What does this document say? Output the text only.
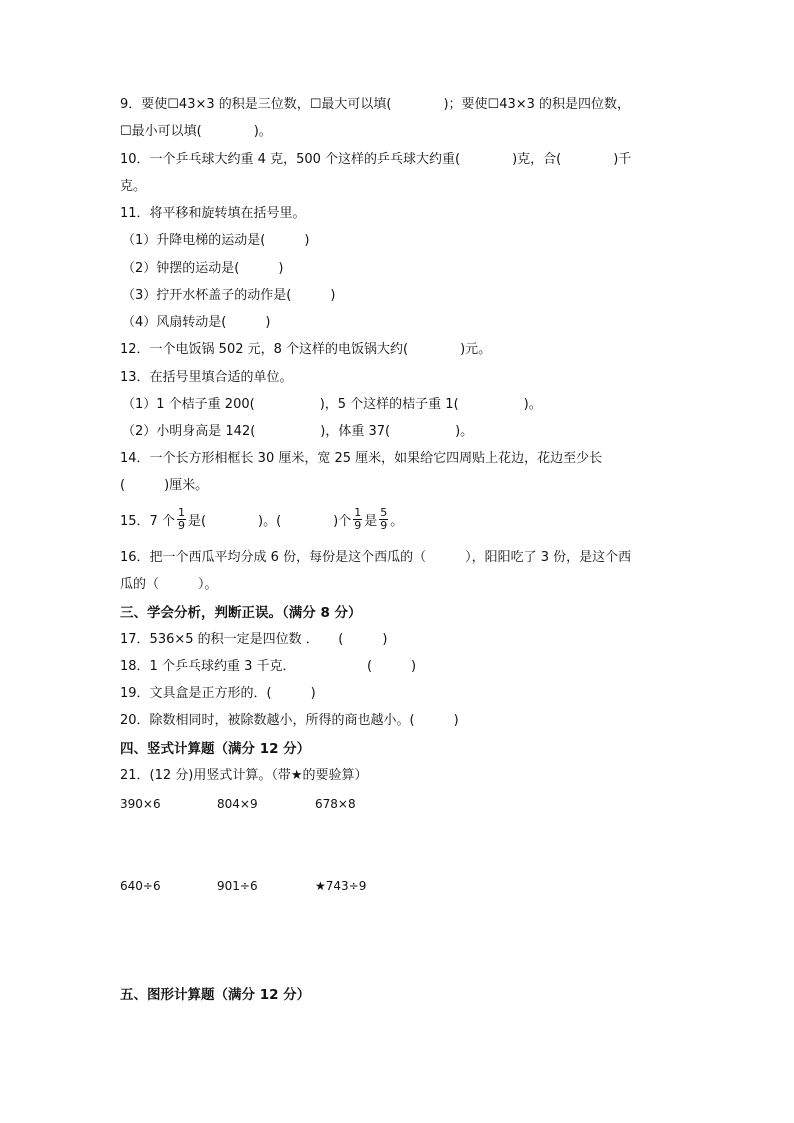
9．要使☐43×3 的积是三位数，☐最大可以填(　　　　)；要使☐43×3 的积是四位数，
☐最小可以填(　　　　)。
10．一个乒乓球大约重 4 克，500 个这样的乒乓球大约重(　　　　)克，合(　　　　)千
克。
11．将平移和旋转填在括号里。
（1）升降电梯的运动是(　　　)
（2）钟摆的运动是(　　　)
（3）拧开水杯盖子的动作是(　　　)
（4）风扇转动是(　　　)
12．一个电饭锅 502 元，8 个这样的电饭锅大约(　　　　)元。
13．在括号里填合适的单位。
（1）1 个桔子重 200(　　　　　)，5 个这样的桔子重 1(　　　　　)。
（2）小明身高是 142(　　　　　)，体重 37(　　　　　)。
14．一个长方形相框长 30 厘米，宽 25 厘米，如果给它四周贴上花边，花边至少长
(　　　)厘米。
15．7 个 $\frac{1}{9}$ 是(　　　　)。(　　　　)个 $\frac{1}{9}$ 是 $\frac{5}{9}$ 。
16．把一个西瓜平均分成 6 份，每份是这个西瓜的（　　　），阳阳吃了 3 份，是这个西
瓜的（　　　）。
三、学会分析，判断正误。（满分 8 分）
17．536×5 的积一定是四位数 ．　　(　　　)
18．1 个乒乓球约重 3 千克．　　　　　　(　　　)
19．文具盒是正方形的．(　　　)
20．除数相同时，被除数越小，所得的商也越小。(　　　)
四、竖式计算题（满分 12 分）
21．(12 分)用竖式计算。（带★的要验算）
390×6	804×9	678×8
640÷6	901÷6	★743÷9
五、图形计算题（满分 12 分）
